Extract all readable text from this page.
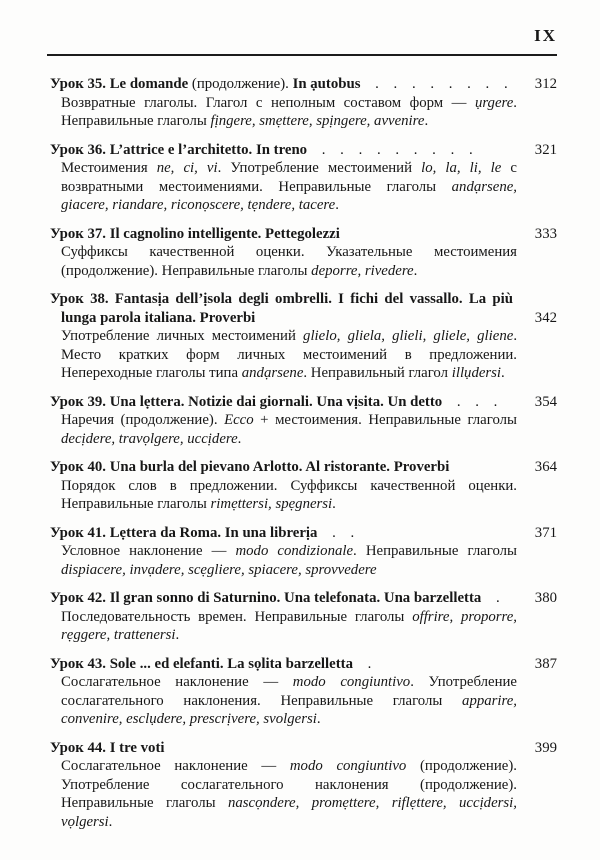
IX

Урок 35. Le domande (продолжение). In ạutobus . . . . . . . .	312

Возвратные глаголы. Глагол с неполным составом форм — ụrgere. Неправильные глаголы fịngere, smẹttere, spịngere, avvenire.

Урок 36. L’attrice e l’architetto. In treno . . . . . . . . .	321

Местоимения ne, ci, vi. Употребление местоимений lo, la, li, le с возвратными местоимениями. Неправильные глаголы andạrsene, giacere, riandare, riconọscere, tẹndere, tacere.

Урок 37. Il cagnolino intelligente. Pettegolezzi	333

Суффиксы качественной оценки. Указательные местоимения (продолжение). Неправильные глаголы deporre, rivedere.

Урок 38. Fantasịa dell’ịsola degli ombrelli. I fichi del vassallo. La più lunga parola italiana. Proverbi	342

Употребление личных местоимений glielo, gliela, glieli, gliele, gliene. Место кратких форм личных местоимений в предложении. Непереходные глаголы типа andạrsene. Неправильный глагол illụdersi.

Урок 39. Una lẹttera. Notizie dai giornali. Una vịsita. Un detto . . .	354

Наречия (продолжение). Ecco + местоимения. Неправильные глаголы decịdere, travọlgere, uccịdere.

Урок 40. Una burla del pievano Arlotto. Al ristorante. Proverbi	364

Порядок слов в предложении. Суффиксы качественной оценки. Неправильные глаголы rimẹttersi, spẹgnersi.

Урок 41. Lẹttera da Roma. In una librerịa . .	371

Условное наклонение — modo condizionale. Неправильные глаголы dispiacere, invạdere, scẹgliere, spiacere, sprovvedere

Урок 42. Il gran sonno di Saturnino. Una telefonata. Una barzelletta .	380

Последовательность времен. Неправильные глаголы offrire, proporre, rẹggere, trattenersi.

Урок 43. Sole ... ed elefanti. La sọlita barzelletta .	387

Сослагательное наклонение — modo congiuntivo. Употребление сослагательного наклонения. Неправильные глаголы apparire, convenire, esclụdere, prescrịvere, svolgersi.

Урок 44. I tre voti	399

Сослагательное наклонение — modo congiuntivo (продолжение). Употребление сослагательного наклонения (продолжение). Неправильные глаголы nascọndere, promẹttere, riflẹttere, uccịdersi, vọlgersi.
